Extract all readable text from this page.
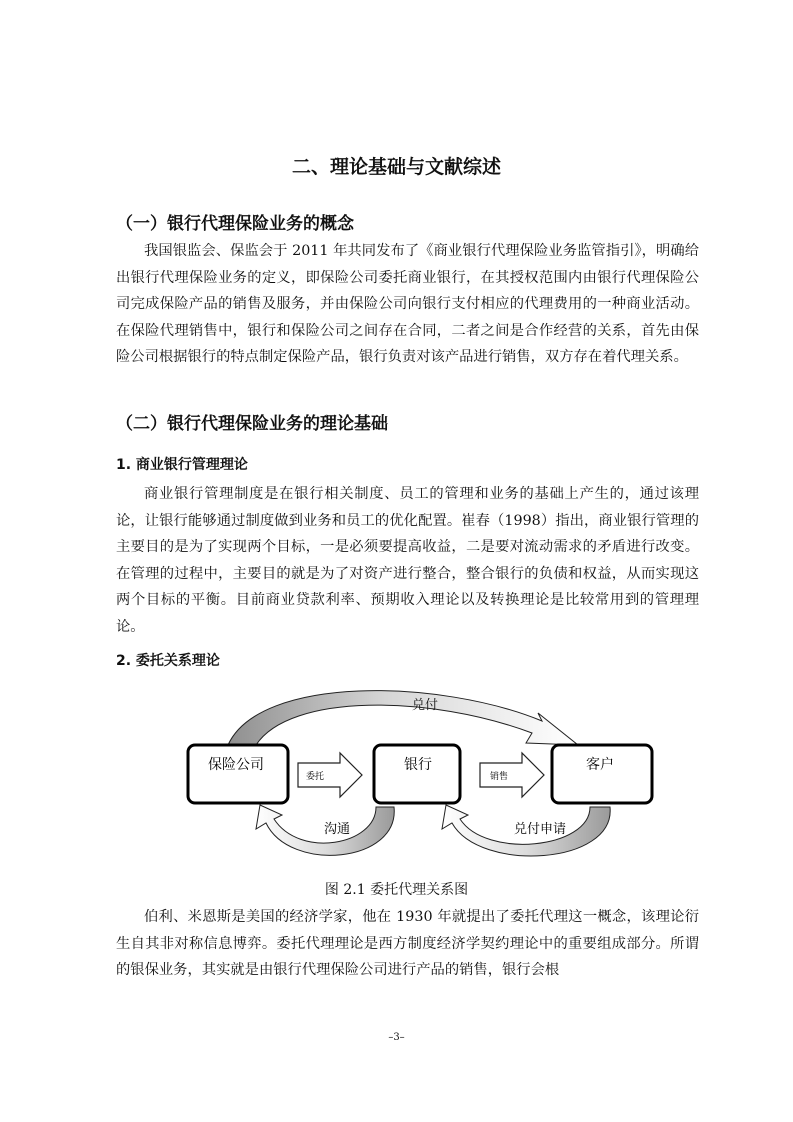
二、理论基础与文献综述
（一）银行代理保险业务的概念

我国银监会、保监会于 2011 年共同发布了《商业银行代理保险业务监管指引》，明确给出银行代理保险业务的定义，即保险公司委托商业银行，在其授权范围内由银行代理保险公司完成保险产品的销售及服务，并由保险公司向银行支付相应的代理费用的一种商业活动。在保险代理销售中，银行和保险公司之间存在合同，二者之间是合作经营的关系，首先由保险公司根据银行的特点制定保险产品，银行负责对该产品进行销售，双方存在着代理关系。

（二）银行代理保险业务的理论基础
1. 商业银行管理理论

商业银行管理制度是在银行相关制度、员工的管理和业务的基础上产生的，通过该理论，让银行能够通过制度做到业务和员工的优化配置。崔春（1998）指出，商业银行管理的主要目的是为了实现两个目标，一是必须要提高收益，二是要对流动需求的矛盾进行改变。在管理的过程中，主要目的就是为了对资产进行整合，整合银行的负债和权益，从而实现这两个目标的平衡。目前商业贷款利率、预期收入理论以及转换理论是比较常用到的管理理论。

2. 委托关系理论
兑付
保险公司	银行	客户
委托	销售
沟通	兑付申请
图 2.1 委托代理关系图

伯利、米恩斯是美国的经济学家，他在 1930 年就提出了委托代理这一概念，该理论衍生自其非对称信息博弈。委托代理理论是西方制度经济学契约理论中的重要组成部分。所谓的银保业务，其实就是由银行代理保险公司进行产品的销售，银行会根

–3–
